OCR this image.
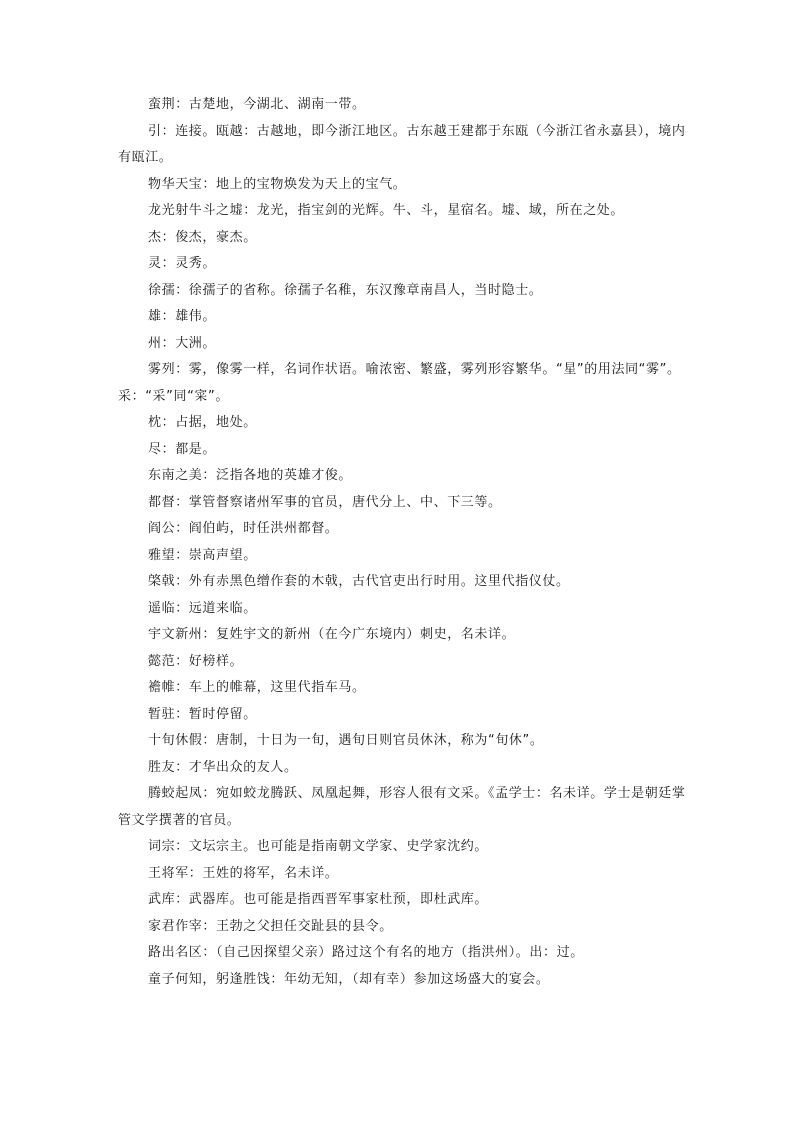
蛮荆：古楚地，今湖北、湖南一带。

引：连接。瓯越：古越地，即今浙江地区。古东越王建都于东瓯（今浙江省永嘉县），境内有瓯江。

物华天宝：地上的宝物焕发为天上的宝气。

龙光射牛斗之墟：龙光，指宝剑的光辉。牛、斗，星宿名。墟、域，所在之处。

杰：俊杰，豪杰。

灵：灵秀。

徐孺：徐孺子的省称。徐孺子名稚，东汉豫章南昌人，当时隐士。

雄：雄伟。

州：大洲。

雾列：雾，像雾一样，名词作状语。喻浓密、繁盛，雾列形容繁华。“星”的用法同“雾”。采：“采”同“寀”。

枕：占据，地处。

尽：都是。

东南之美：泛指各地的英雄才俊。

都督：掌管督察诸州军事的官员，唐代分上、中、下三等。

阎公：阎伯屿，时任洪州都督。

雅望：崇高声望。

棨戟：外有赤黑色缯作套的木戟，古代官吏出行时用。这里代指仪仗。

遥临：远道来临。

宇文新州：复姓宇文的新州（在今广东境内）刺史，名未详。

懿范：好榜样。

襜帷：车上的帷幕，这里代指车马。

暂驻：暂时停留。

十旬休假：唐制，十日为一旬，遇旬日则官员休沐，称为“旬休”。

胜友：才华出众的友人。

腾蛟起凤：宛如蛟龙腾跃、凤凰起舞，形容人很有文采。《孟学士：名未详。学士是朝廷掌管文学撰著的官员。

词宗：文坛宗主。也可能是指南朝文学家、史学家沈约。

王将军：王姓的将军，名未详。

武库：武器库。也可能是指西晋军事家杜预，即杜武库。

家君作宰：王勃之父担任交趾县的县令。

路出名区：（自己因探望父亲）路过这个有名的地方（指洪州）。出：过。

童子何知，躬逢胜饯：年幼无知，（却有幸）参加这场盛大的宴会。
